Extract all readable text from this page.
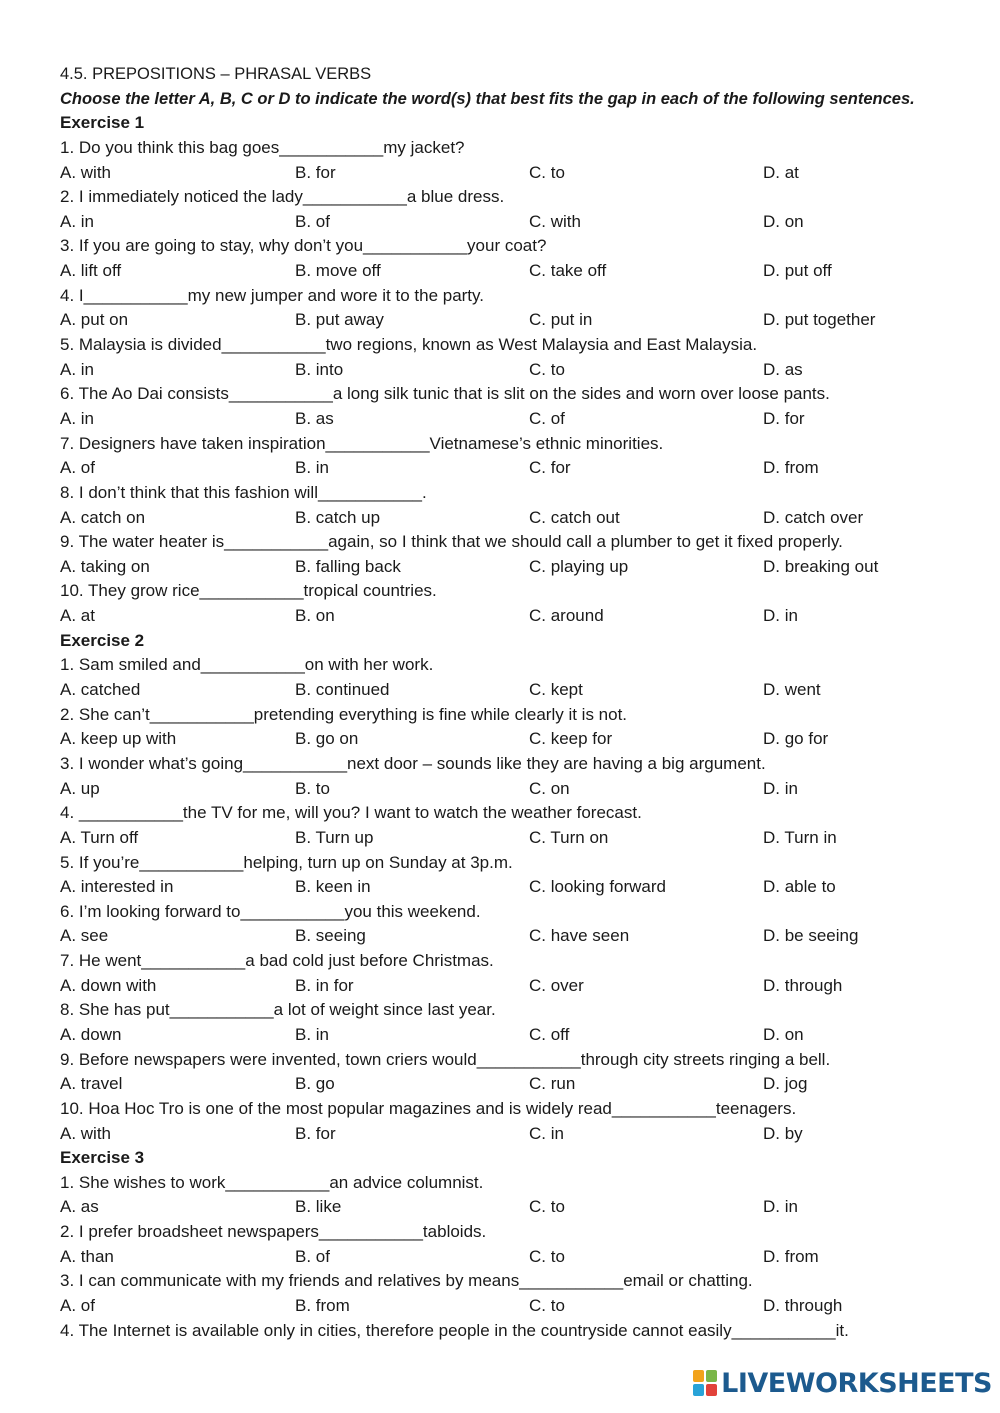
4.5. PREPOSITIONS – PHRASAL VERBS
Choose the letter A, B, C or D to indicate the word(s) that best fits the gap in each of the following sentences.
Exercise 1
1. Do you think this bag goes___________my jacket?
A. with	B. for	C. to	D. at
2. I immediately noticed the lady___________a blue dress.
A. in	B. of	C. with	D. on
3. If you are going to stay, why don’t you___________your coat?
A. lift off	B. move off	C. take off	D. put off
4. I___________my new jumper and wore it to the party.
A. put on	B. put away	C. put in	D. put together
5. Malaysia is divided___________two regions, known as West Malaysia and East Malaysia.
A. in	B. into	C. to	D. as
6. The Ao Dai consists___________a long silk tunic that is slit on the sides and worn over loose pants.
A. in	B. as	C. of	D. for
7. Designers have taken inspiration___________Vietnamese’s ethnic minorities.
A. of	B. in	C. for	D. from
8. I don’t think that this fashion will___________.
A. catch on	B. catch up	C. catch out	D. catch over
9. The water heater is___________again, so I think that we should call a plumber to get it fixed properly.
A. taking on	B. falling back	C. playing up	D. breaking out
10. They grow rice___________tropical countries.
A. at	B. on	C. around	D. in
Exercise 2
1. Sam smiled and___________on with her work.
A. catched	B. continued	C. kept	D. went
2. She can’t___________pretending everything is fine while clearly it is not.
A. keep up with	B. go on	C. keep for	D. go for
3. I wonder what’s going___________next door – sounds like they are having a big argument.
A. up	B. to	C. on	D. in
4. ___________the TV for me, will you? I want to watch the weather forecast.
A. Turn off	B. Turn up	C. Turn on	D. Turn in
5. If you’re___________helping, turn up on Sunday at 3p.m.
A. interested in	B. keen in	C. looking forward	D. able to
6. I’m looking forward to___________you this weekend.
A. see	B. seeing	C. have seen	D. be seeing
7. He went___________a bad cold just before Christmas.
A. down with	B. in for	C. over	D. through
8. She has put___________a lot of weight since last year.
A. down	B. in	C. off	D. on
9. Before newspapers were invented, town criers would___________through city streets ringing a bell.
A. travel	B. go	C. run	D. jog
10. Hoa Hoc Tro is one of the most popular magazines and is widely read___________teenagers.
A. with	B. for	C. in	D. by
Exercise 3
1. She wishes to work___________an advice columnist.
A. as	B. like	C. to	D. in
2. I prefer broadsheet newspapers___________tabloids.
A. than	B. of	C. to	D. from
3. I can communicate with my friends and relatives by means___________email or chatting.
A. of	B. from	C. to	D. through
4. The Internet is available only in cities, therefore people in the countryside cannot easily___________it.
LIVEWORKSHEETS
